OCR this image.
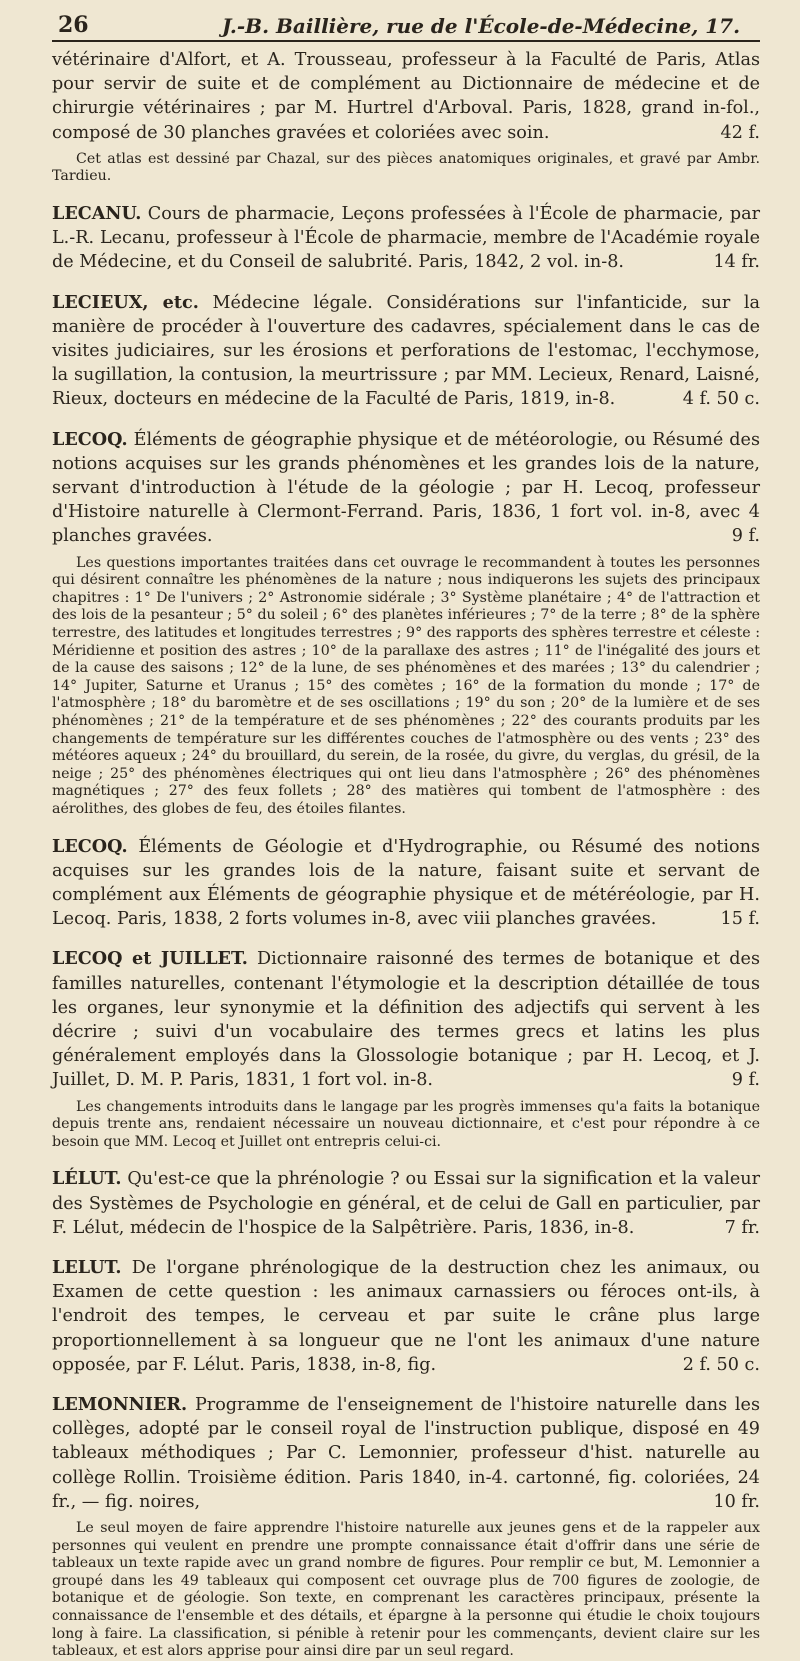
26	J.-B. Baillière, rue de l'École-de-Médecine, 17.

vétérinaire d'Alfort, et A. Trousseau, professeur à la Faculté de Paris, Atlas pour servir de suite et de complément au Dictionnaire de médecine et de chirurgie vétérinaires ; par M. Hurtrel d'Arboval. Paris, 1828, grand in-fol., composé de 30 planches gravées et coloriées avec soin.	42 f.

Cet atlas est dessiné par Chazal, sur des pièces anatomiques originales, et gravé par Ambr. Tardieu.

LECANU. Cours de pharmacie, Leçons professées à l'École de pharmacie, par L.-R. Lecanu, professeur à l'École de pharmacie, membre de l'Académie royale de Médecine, et du Conseil de salubrité. Paris, 1842, 2 vol. in-8.	14 fr.

LECIEUX, etc. Médecine légale. Considérations sur l'infanticide, sur la manière de procéder à l'ouverture des cadavres, spécialement dans le cas de visites judiciaires, sur les érosions et perforations de l'estomac, l'ecchymose, la sugillation, la contusion, la meurtrissure ; par MM. Lecieux, Renard, Laisné, Rieux, docteurs en médecine de la Faculté de Paris, 1819, in-8.	4 f. 50 c.

LECOQ. Éléments de géographie physique et de météorologie, ou Résumé des notions acquises sur les grands phénomènes et les grandes lois de la nature, servant d'introduction à l'étude de la géologie ; par H. Lecoq, professeur d'Histoire naturelle à Clermont-Ferrand. Paris, 1836, 1 fort vol. in-8, avec 4 planches gravées.	9 f.

Les questions importantes traitées dans cet ouvrage le recommandent à toutes les personnes qui désirent connaître les phénomènes de la nature ; nous indiquerons les sujets des principaux chapitres : 1° De l'univers ; 2° Astronomie sidérale ; 3° Système planétaire ; 4° de l'attraction et des lois de la pesanteur ; 5° du soleil ; 6° des planètes inférieures ; 7° de la terre ; 8° de la sphère terrestre, des latitudes et longitudes terrestres ; 9° des rapports des sphères terrestre et céleste : Méridienne et position des astres ; 10° de la parallaxe des astres ; 11° de l'inégalité des jours et de la cause des saisons ; 12° de la lune, de ses phénomènes et des marées ; 13° du calendrier ; 14° Jupiter, Saturne et Uranus ; 15° des comètes ; 16° de la formation du monde ; 17° de l'atmosphère ; 18° du baromètre et de ses oscillations ; 19° du son ; 20° de la lumière et de ses phénomènes ; 21° de la température et de ses phénomènes ; 22° des courants produits par les changements de température sur les différentes couches de l'atmosphère ou des vents ; 23° des météores aqueux ; 24° du brouillard, du serein, de la rosée, du givre, du verglas, du grésil, de la neige ; 25° des phénomènes électriques qui ont lieu dans l'atmosphère ; 26° des phénomènes magnétiques ; 27° des feux follets ; 28° des matières qui tombent de l'atmosphère : des aérolithes, des globes de feu, des étoiles filantes.

LECOQ. Éléments de Géologie et d'Hydrographie, ou Résumé des notions acquises sur les grandes lois de la nature, faisant suite et servant de complément aux Éléments de géographie physique et de météréologie, par H. Lecoq. Paris, 1838, 2 forts volumes in-8, avec viii planches gravées.	15 f.

LECOQ et JUILLET. Dictionnaire raisonné des termes de botanique et des familles naturelles, contenant l'étymologie et la description détaillée de tous les organes, leur synonymie et la définition des adjectifs qui servent à les décrire ; suivi d'un vocabulaire des termes grecs et latins les plus généralement employés dans la Glossologie botanique ; par H. Lecoq, et J. Juillet, D. M. P. Paris, 1831, 1 fort vol. in-8.	9 f.

Les changements introduits dans le langage par les progrès immenses qu'a faits la botanique depuis trente ans, rendaient nécessaire un nouveau dictionnaire, et c'est pour répondre à ce besoin que MM. Lecoq et Juillet ont entrepris celui-ci.

LÉLUT. Qu'est-ce que la phrénologie ? ou Essai sur la signification et la valeur des Systèmes de Psychologie en général, et de celui de Gall en particulier, par F. Lélut, médecin de l'hospice de la Salpêtrière. Paris, 1836, in-8.	7 fr.

LELUT. De l'organe phrénologique de la destruction chez les animaux, ou Examen de cette question : les animaux carnassiers ou féroces ont-ils, à l'endroit des tempes, le cerveau et par suite le crâne plus large proportionnellement à sa longueur que ne l'ont les animaux d'une nature opposée, par F. Lélut. Paris, 1838, in-8, fig.	2 f. 50 c.

LEMONNIER. Programme de l'enseignement de l'histoire naturelle dans les collèges, adopté par le conseil royal de l'instruction publique, disposé en 49 tableaux méthodiques ; Par C. Lemonnier, professeur d'hist. naturelle au collège Rollin. Troisième édition. Paris 1840, in-4. cartonné, fig. coloriées, 24 fr., — fig. noires,	10 fr.

Le seul moyen de faire apprendre l'histoire naturelle aux jeunes gens et de la rappeler aux personnes qui veulent en prendre une prompte connaissance était d'offrir dans une série de tableaux un texte rapide avec un grand nombre de figures. Pour remplir ce but, M. Lemonnier a groupé dans les 49 tableaux qui composent cet ouvrage plus de 700 figures de zoologie, de botanique et de géologie. Son texte, en comprenant les caractères principaux, présente la connaissance de l'ensemble et des détails, et épargne à la personne qui étudie le choix toujours long à faire. La classification, si pénible à retenir pour les commençants, devient claire sur les tableaux, et est alors apprise pour ainsi dire par un seul regard.
